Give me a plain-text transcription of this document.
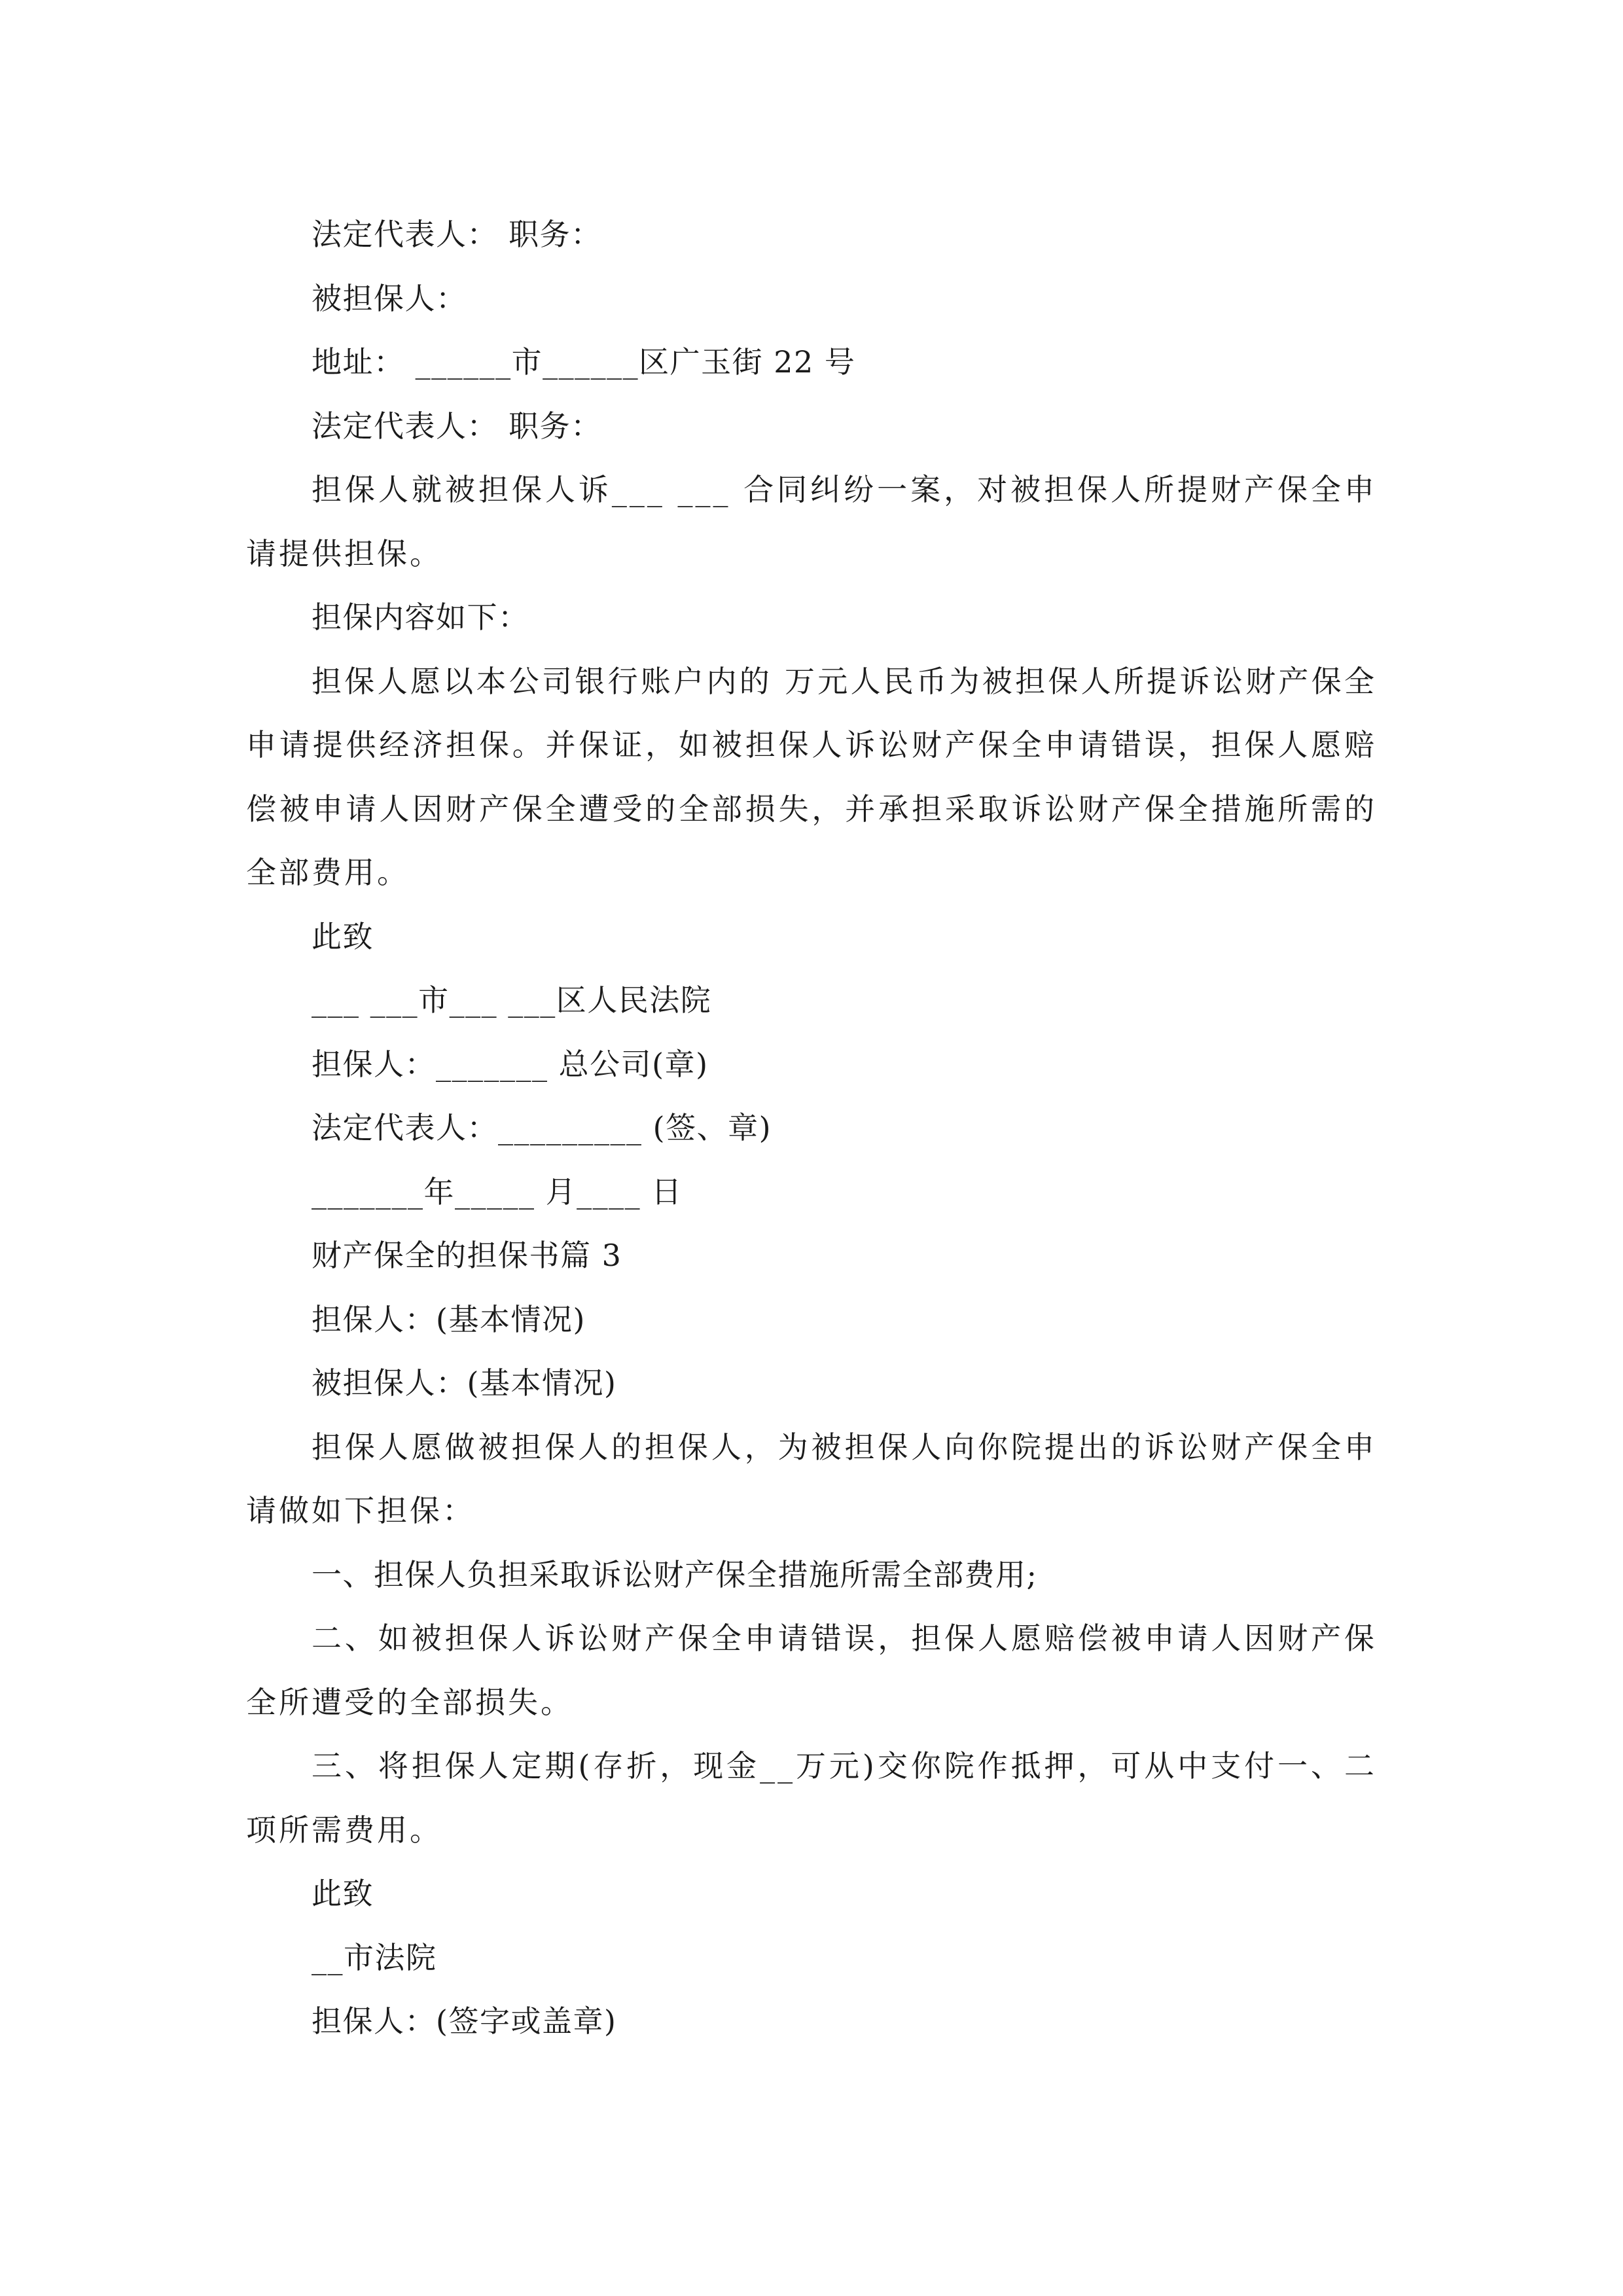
法定代表人： 职务：
被担保人：
地址： ______市______区广玉街 22 号
法定代表人： 职务：
担保人就被担保人诉___ ___ 合同纠纷一案，对被担保人所提财产保全申请提供担保。
担保内容如下：
担保人愿以本公司银行账户内的 万元人民币为被担保人所提诉讼财产保全申请提供经济担保。并保证，如被担保人诉讼财产保全申请错误，担保人愿赔偿被申请人因财产保全遭受的全部损失，并承担采取诉讼财产保全措施所需的全部费用。
此致
___ ___市___ ___区人民法院
担保人：_______ 总公司(章)
法定代表人：_________ (签、章)
_______年_____ 月____ 日
财产保全的担保书篇 3
担保人：(基本情况)
被担保人：(基本情况)
担保人愿做被担保人的担保人，为被担保人向你院提出的诉讼财产保全申请做如下担保：
一、担保人负担采取诉讼财产保全措施所需全部费用;
二、如被担保人诉讼财产保全申请错误，担保人愿赔偿被申请人因财产保全所遭受的全部损失。
三、将担保人定期(存折，现金__万元)交你院作抵押，可从中支付一、二项所需费用。
此致
__市法院
担保人：(签字或盖章)
